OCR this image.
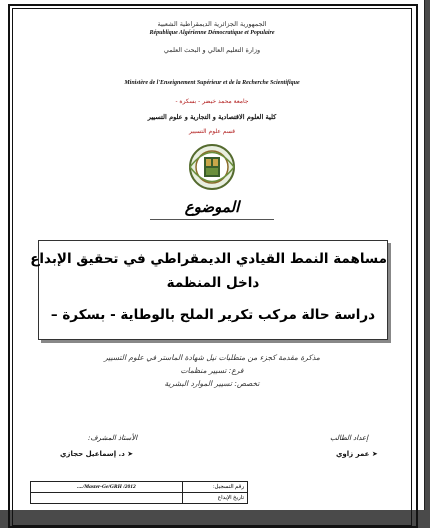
الجمهورية الجزائرية الديمقراطية الشعبية
République Algérienne Démocratique et Populaire
وزارة التعليم العالي و البحث العلمي
Ministère de l'Enseignement Supérieur et de la Recherche Scientifique
جامعة محمد خيضر - بسكرة -
كلية العلوم الاقتصادية و التجارية و علوم التسيير
قسم علوم التسيير
الموضوع
مساهمة النمط القيادي الديمقراطي في تحقيق الإبداع
داخل المنظمة
دراسة حالة مركب تكرير الملح بالوطاية - بسكرة –
مذكرة مقدمة كجزء من متطلبات نيل شهادة الماستر في علوم التسيير
فرع: تسيير منظمات
تخصص: تسيير الموارد البشرية
إعداد الطالب
➤ عمر زاوي
الأستاذ المشرف:
➤ د. إسماعيل حجازي
..../Master-Ge/GRH /2012	رقم التسجيل:
	تاريخ الإيداع
